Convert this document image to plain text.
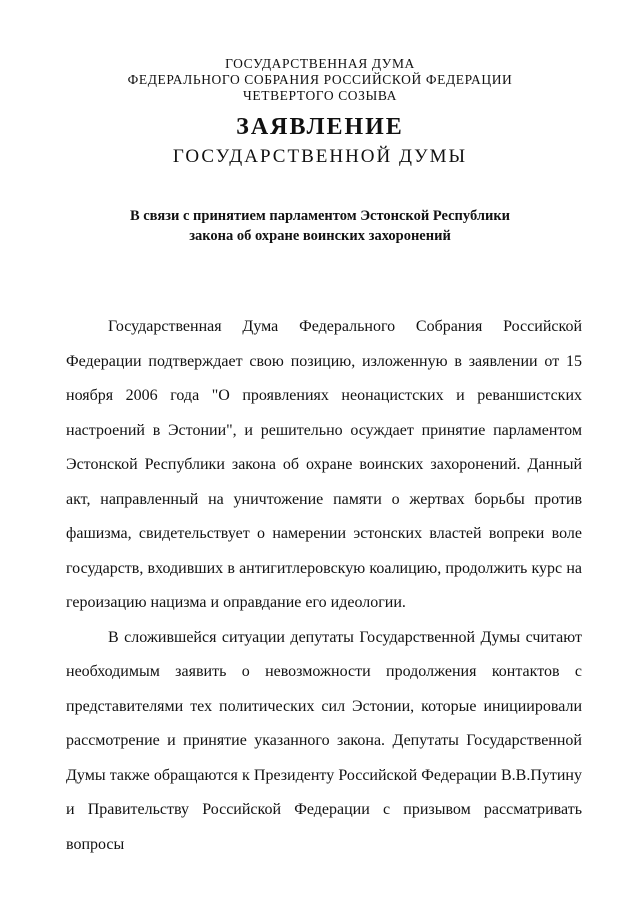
ГОСУДАРСТВЕННАЯ ДУМА
ФЕДЕРАЛЬНОГО СОБРАНИЯ РОССИЙСКОЙ ФЕДЕРАЦИИ
ЧЕТВЕРТОГО СОЗЫВА
ЗАЯВЛЕНИЕ
ГОСУДАРСТВЕННОЙ ДУМЫ
В связи с принятием парламентом Эстонской Республики
закона об охране воинских захоронений

Государственная Дума Федерального Собрания Российской Федерации подтверждает свою позицию, изложенную в заявлении от 15 ноября 2006 года "О проявлениях неонацистских и реваншистских настроений в Эстонии", и решительно осуждает принятие парламентом Эстонской Республики закона об охране воинских захоронений. Данный акт, направленный на уничтожение памяти о жертвах борьбы против фашизма, свидетельствует о намерении эстонских властей вопреки воле государств, входивших в антигитлеровскую коалицию, продолжить курс на героизацию нацизма и оправдание его идеологии.

В сложившейся ситуации депутаты Государственной Думы считают необходимым заявить о невозможности продолжения контактов с представителями тех политических сил Эстонии, которые инициировали рассмотрение и принятие указанного закона. Депутаты Государственной Думы также обращаются к Президенту Российской Федерации В.В.Путину и Правительству Российской Федерации с призывом рассматривать вопросы
